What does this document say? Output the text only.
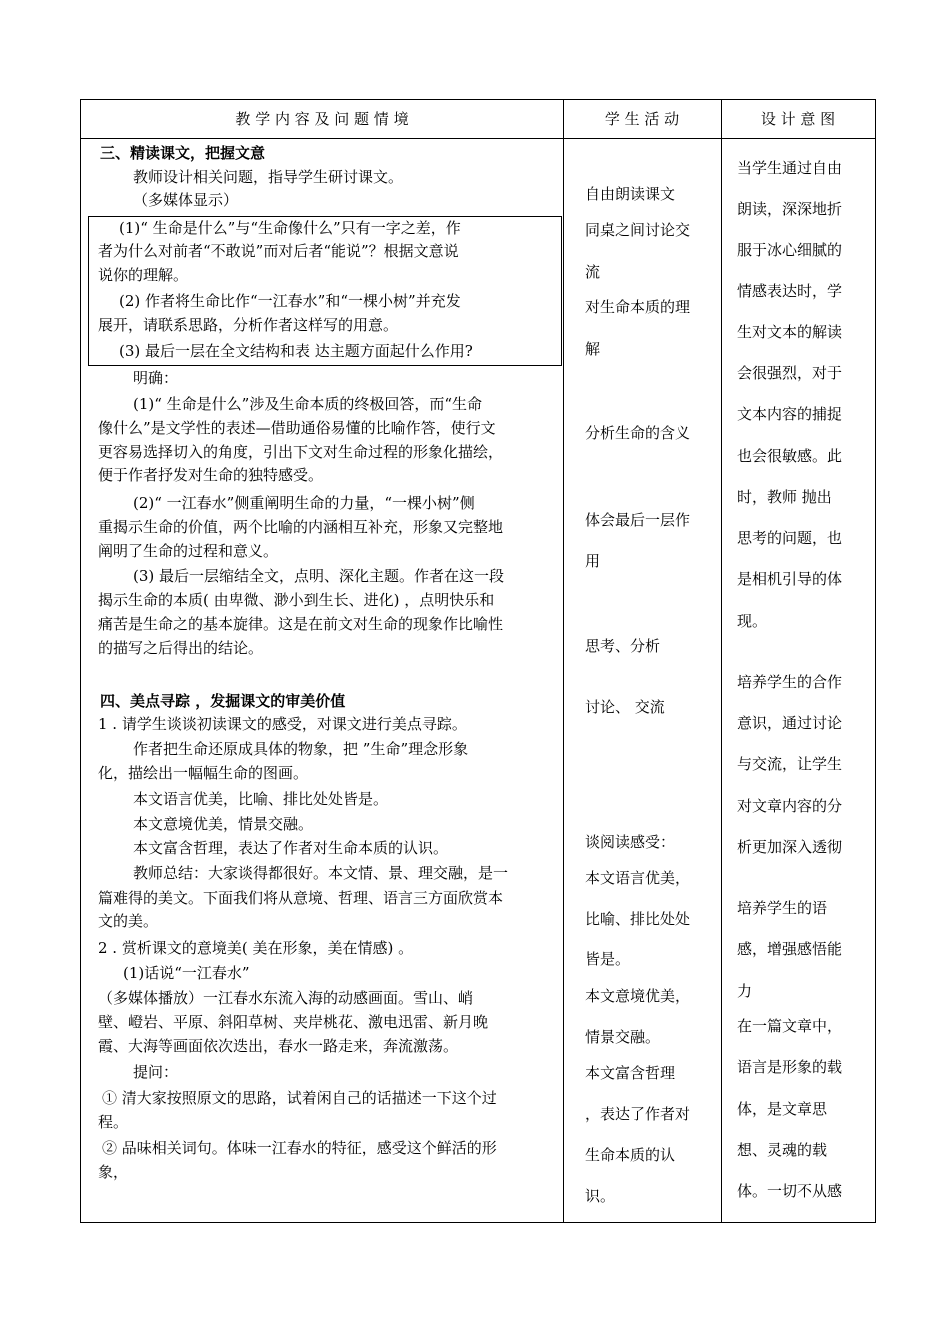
教 学 内 容 及 问 题 情 境	学 生 活 动	设 计 意 图
三、精读课文，把握文意
教师设计相关问题，指导学生研讨课文。
（多媒体显示）
(1)“ 生命是什么”与“生命像什么”只有一字之差，作
者为什么对前者“不敢说”而对后者“能说”？根据文意说
说你的理解。
(2) 作者将生命比作“一江春水”和“一棵小树”并充发
展开，请联系思路，分析作者这样写的用意。
(3) 最后一层在全文结构和表 达主题方面起什么作用?
明确：
(1)“ 生命是什么”涉及生命本质的终极回答，而“生命
像什么”是文学性的表述—借助通俗易懂的比喻作答，使行文
更容易选择切入的角度，引出下文对生命过程的形象化描绘，
便于作者抒发对生命的独特感受。
(2)“ 一江春水”侧重阐明生命的力量，“一棵小树”侧
重揭示生命的价值，两个比喻的内涵相互补充，形象又完整地
阐明了生命的过程和意义。
(3) 最后一层缩结全文，点明、深化主题。作者在这一段
揭示生命的本质( 由卑微、渺小到生长、进化) ，点明快乐和
痛苦是生命之的基本旋律。这是在前文对生命的现象作比喻性
的描写之后得出的结论。
四、美点寻踪 ，发掘课文的审美价值
1 . 请学生谈谈初读课文的感受，对课文进行美点寻踪。
作者把生命还原成具体的物象，把 ”生命”理念形象
化，描绘出一幅幅生命的图画。
本文语言优美，比喻、排比处处皆是。
本文意境优美，情景交融。
本文富含哲理，表达了作者对生命本质的认识。
教师总结：大家谈得都很好。本文情、景、理交融，是一
篇难得的美文。下面我们将从意境、哲理、语言三方面欣赏本
文的美。
2 . 赏析课文的意境美( 美在形象，美在情感) 。
(1)话说“一江春水”
（多媒体播放）一江春水东流入海的动感画面。雪山、峭
壁、嶝岩、平原、斜阳草树、夹岸桃花、激电迅雷、新月晚
霞、大海等画面依次迭出，春水一路走来，奔流激荡。
提问：
① 清大家按照原文的思路，试着闲自己的话描述一下这个过
程。
② 品味相关词句。体味一江春水的特征，感受这个鲜活的形
象，
自由朗读课文
同桌之间讨论交
流
对生命本质的理
解
分析生命的含义
体会最后一层作
用
思考、分析
讨论、 交流
谈阅读感受：
本文语言优美，
比喻、排比处处
皆是。
本文意境优美，
情景交融。
本文富含哲理
，表达了作者对
生命本质的认
识。
当学生通过自由
朗读，深深地折
服于冰心细腻的
情感表达时，学
生对文本的解读
会很强烈，对于
文本内容的捕捉
也会很敏感。此
时，教师 抛出
思考的问题，也
是相机引导的体
现。
培养学生的合作
意识，通过讨论
与交流，让学生
对文章内容的分
析更加深入透彻
培养学生的语
感，增强感悟能
力
在一篇文章中，
语言是形象的载
体，是文章思
想、灵魂的载
体。一切不从感
